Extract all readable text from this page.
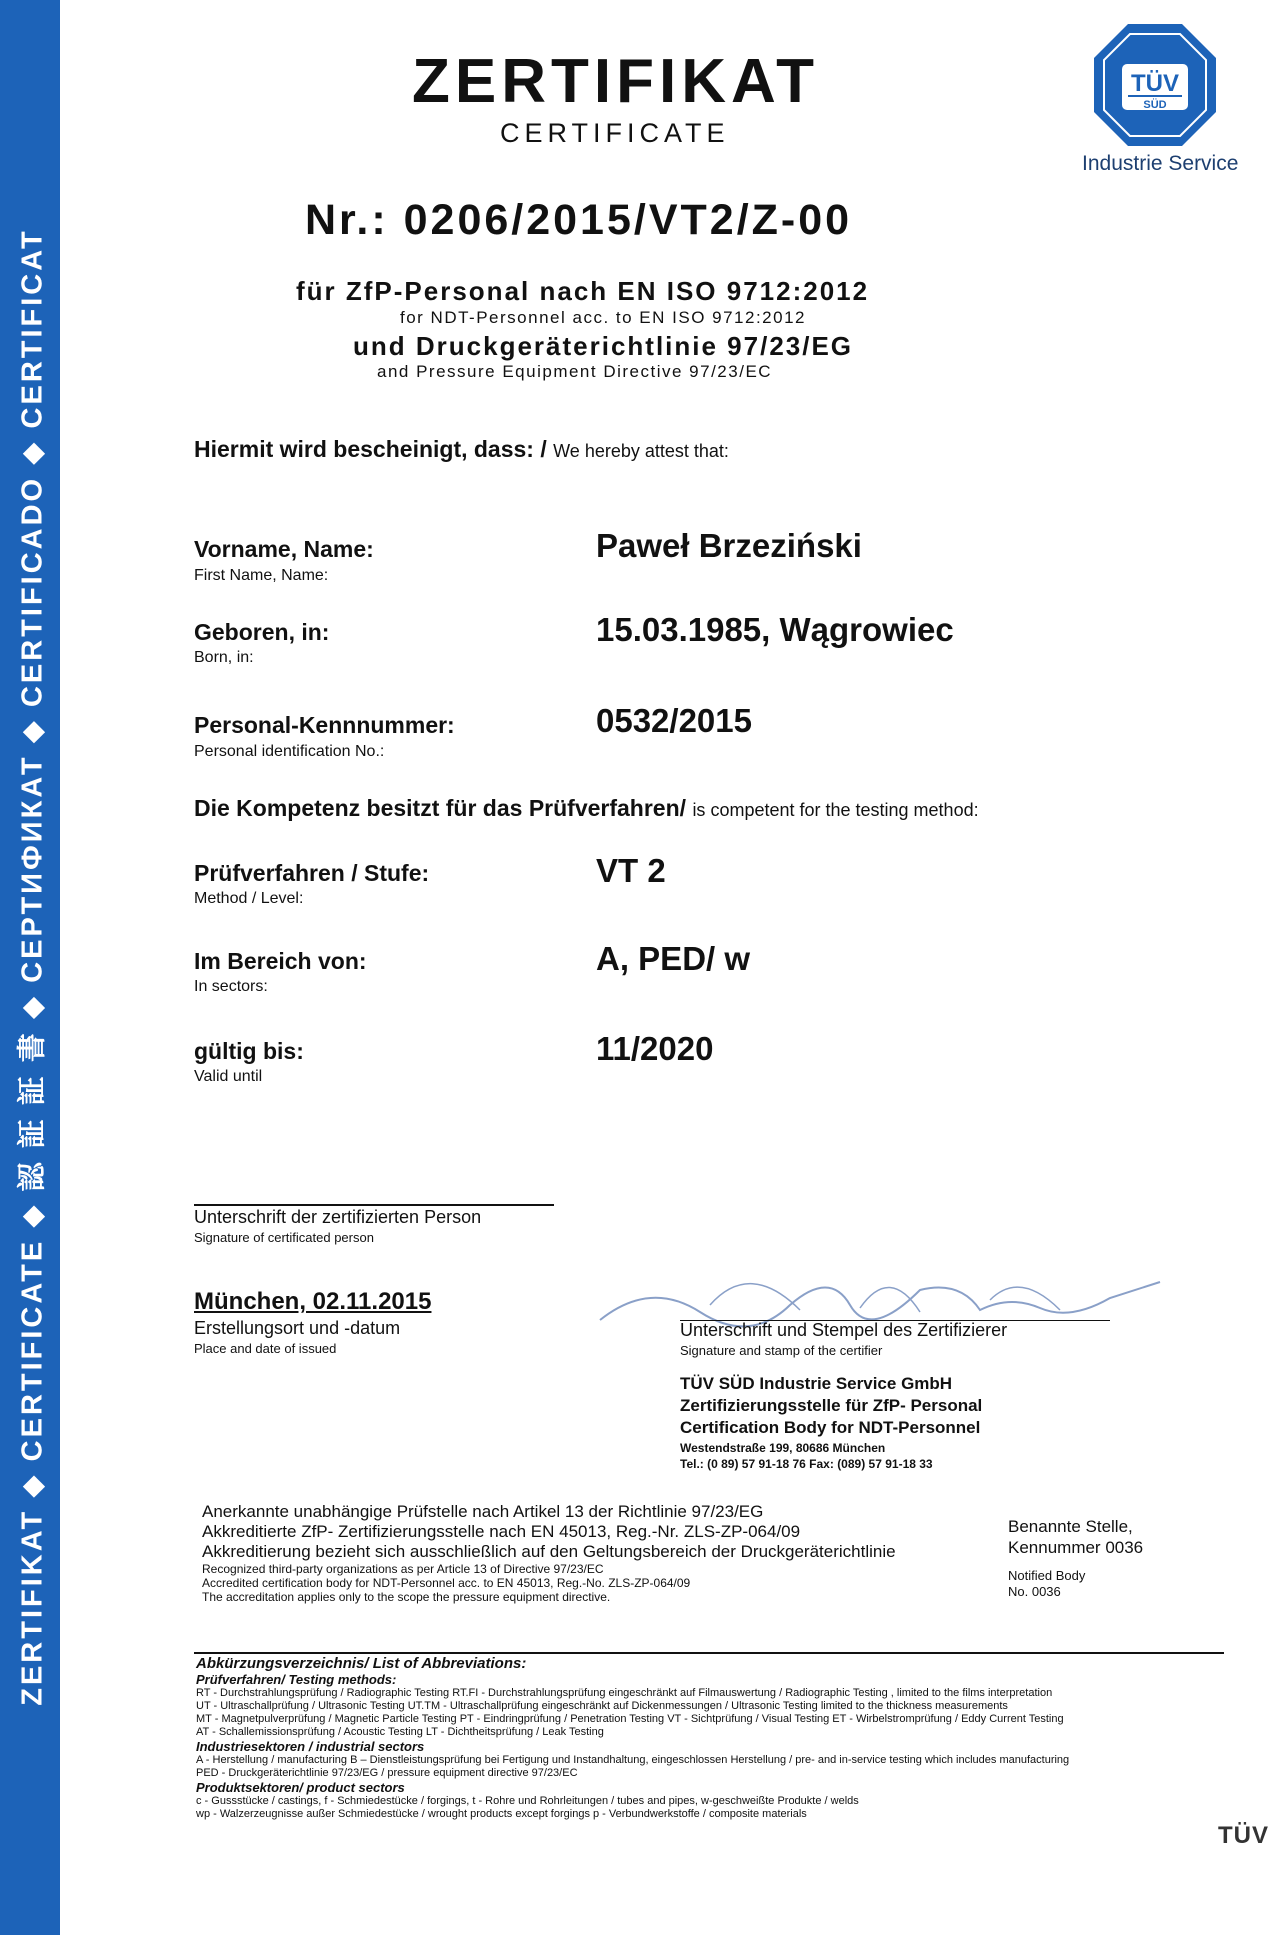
ZERTIFIKAT ◆ CERTIFICATE ◆ 認 証 証 書 ◆ СЕРТИФИКАТ ◆ CERTIFICADO ◆ CERTIFICAT
ZERTIFIKAT
CERTIFICATE
Nr.: 0206/2015/VT2/Z-00
für ZfP-Personal nach EN ISO 9712:2012
for NDT-Personnel acc. to EN ISO 9712:2012
und Druckgeräterichtlinie 97/23/EG
and Pressure Equipment Directive 97/23/EC
TÜV
SÜD
Industrie Service
Hiermit wird bescheinigt, dass: / We hereby attest that:
Vorname, Name:
First Name, Name:
Paweł Brzeziński
Geboren, in:
Born, in:
15.03.1985, Wągrowiec
Personal-Kennnummer:
Personal identification No.:
0532/2015
Die Kompetenz besitzt für das Prüfverfahren/ is competent for the testing method:
Prüfverfahren / Stufe:
Method / Level:
VT 2
Im Bereich von:
In sectors:
A, PED/ w
gültig bis:
Valid until
11/2020
Unterschrift der zertifizierten Person
Signature of certificated person
München, 02.11.2015
Erstellungsort und -datum
Place and date of issued
Unterschrift und Stempel des Zertifizierer
Signature and stamp of the certifier
TÜV SÜD Industrie Service GmbH
Zertifizierungsstelle für ZfP- Personal
Certification Body for NDT-Personnel
Westendstraße 199, 80686 München
Tel.: (0 89) 57 91-18 76 Fax: (089) 57 91-18 33
Anerkannte unabhängige Prüfstelle nach Artikel 13 der Richtlinie 97/23/EG
Akkreditierte ZfP- Zertifizierungsstelle nach EN 45013, Reg.-Nr. ZLS-ZP-064/09
Akkreditierung bezieht sich ausschließlich auf den Geltungsbereich der Druckgeräterichtlinie
Recognized third-party organizations as per Article 13 of Directive 97/23/EC
Accredited certification body for NDT-Personnel acc. to EN 45013, Reg.-No. ZLS-ZP-064/09
The accreditation applies only to the scope the pressure equipment directive.
Benannte Stelle,
Kennummer 0036
Notified Body
No. 0036
Abkürzungsverzeichnis/ List of Abbreviations:
Prüfverfahren/ Testing methods:
RT - Durchstrahlungsprüfung / Radiographic Testing RT.FI - Durchstrahlungsprüfung eingeschränkt auf Filmauswertung / Radiographic Testing , limited to the films interpretation
UT - Ultraschallprüfung / Ultrasonic Testing UT.TM - Ultraschallprüfung eingeschränkt auf Dickenmessungen / Ultrasonic Testing limited to the thickness measurements
MT - Magnetpulverprüfung / Magnetic Particle Testing PT - Eindringprüfung / Penetration Testing VT - Sichtprüfung / Visual Testing ET - Wirbelstromprüfung / Eddy Current Testing
AT - Schallemissionsprüfung / Acoustic Testing LT - Dichtheitsprüfung / Leak Testing
Industriesektoren / industrial sectors
A - Herstellung / manufacturing B – Dienstleistungsprüfung bei Fertigung und Instandhaltung, eingeschlossen Herstellung / pre- and in-service testing which includes manufacturing
PED - Druckgeräterichtlinie 97/23/EG / pressure equipment directive 97/23/EC
Produktsektoren/ product sectors
c - Gussstücke / castings, f - Schmiedestücke / forgings, t - Rohre und Rohrleitungen / tubes and pipes, w-geschweißte Produkte / welds
wp - Walzerzeugnisse außer Schmiedestücke / wrought products except forgings p - Verbundwerkstoffe / composite materials
TÜV
